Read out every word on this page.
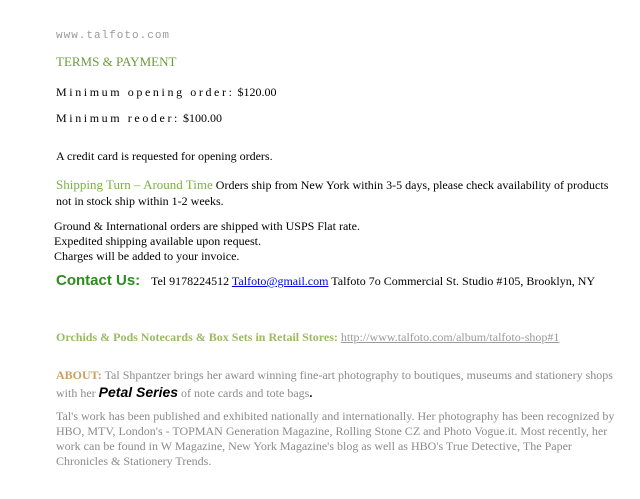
www.talfoto.com
TERMS & PAYMENT
Minimum opening order: $120.00
Minimum reoder: $100.00
A credit card is requested for opening orders.
Shipping Turn – Around Time Orders ship from New York within 3-5 days, please check availability of products not in stock ship within 1-2 weeks.
Ground & International orders are shipped with USPS Flat rate.
Expedited shipping available upon request.
Charges will be added to your invoice.
Contact Us: Tel 9178224512 Talfoto@gmail.com Talfoto 7o Commercial St. Studio #105, Brooklyn, NY
Orchids & Pods Notecards & Box Sets in Retail Stores: http://www.talfoto.com/album/talfoto-shop#1
ABOUT: Tal Shpantzer brings her award winning fine-art photography to boutiques, museums and stationery shops with her Petal Series of note cards and tote bags.
Tal's work has been published and exhibited nationally and internationally. Her photography has been recognized by HBO, MTV, London's - TOPMAN Generation Magazine, Rolling Stone CZ and Photo Vogue.it. Most recently, her work can be found in W Magazine, New York Magazine's blog as well as HBO's True Detective, The Paper Chronicles & Stationery Trends.
